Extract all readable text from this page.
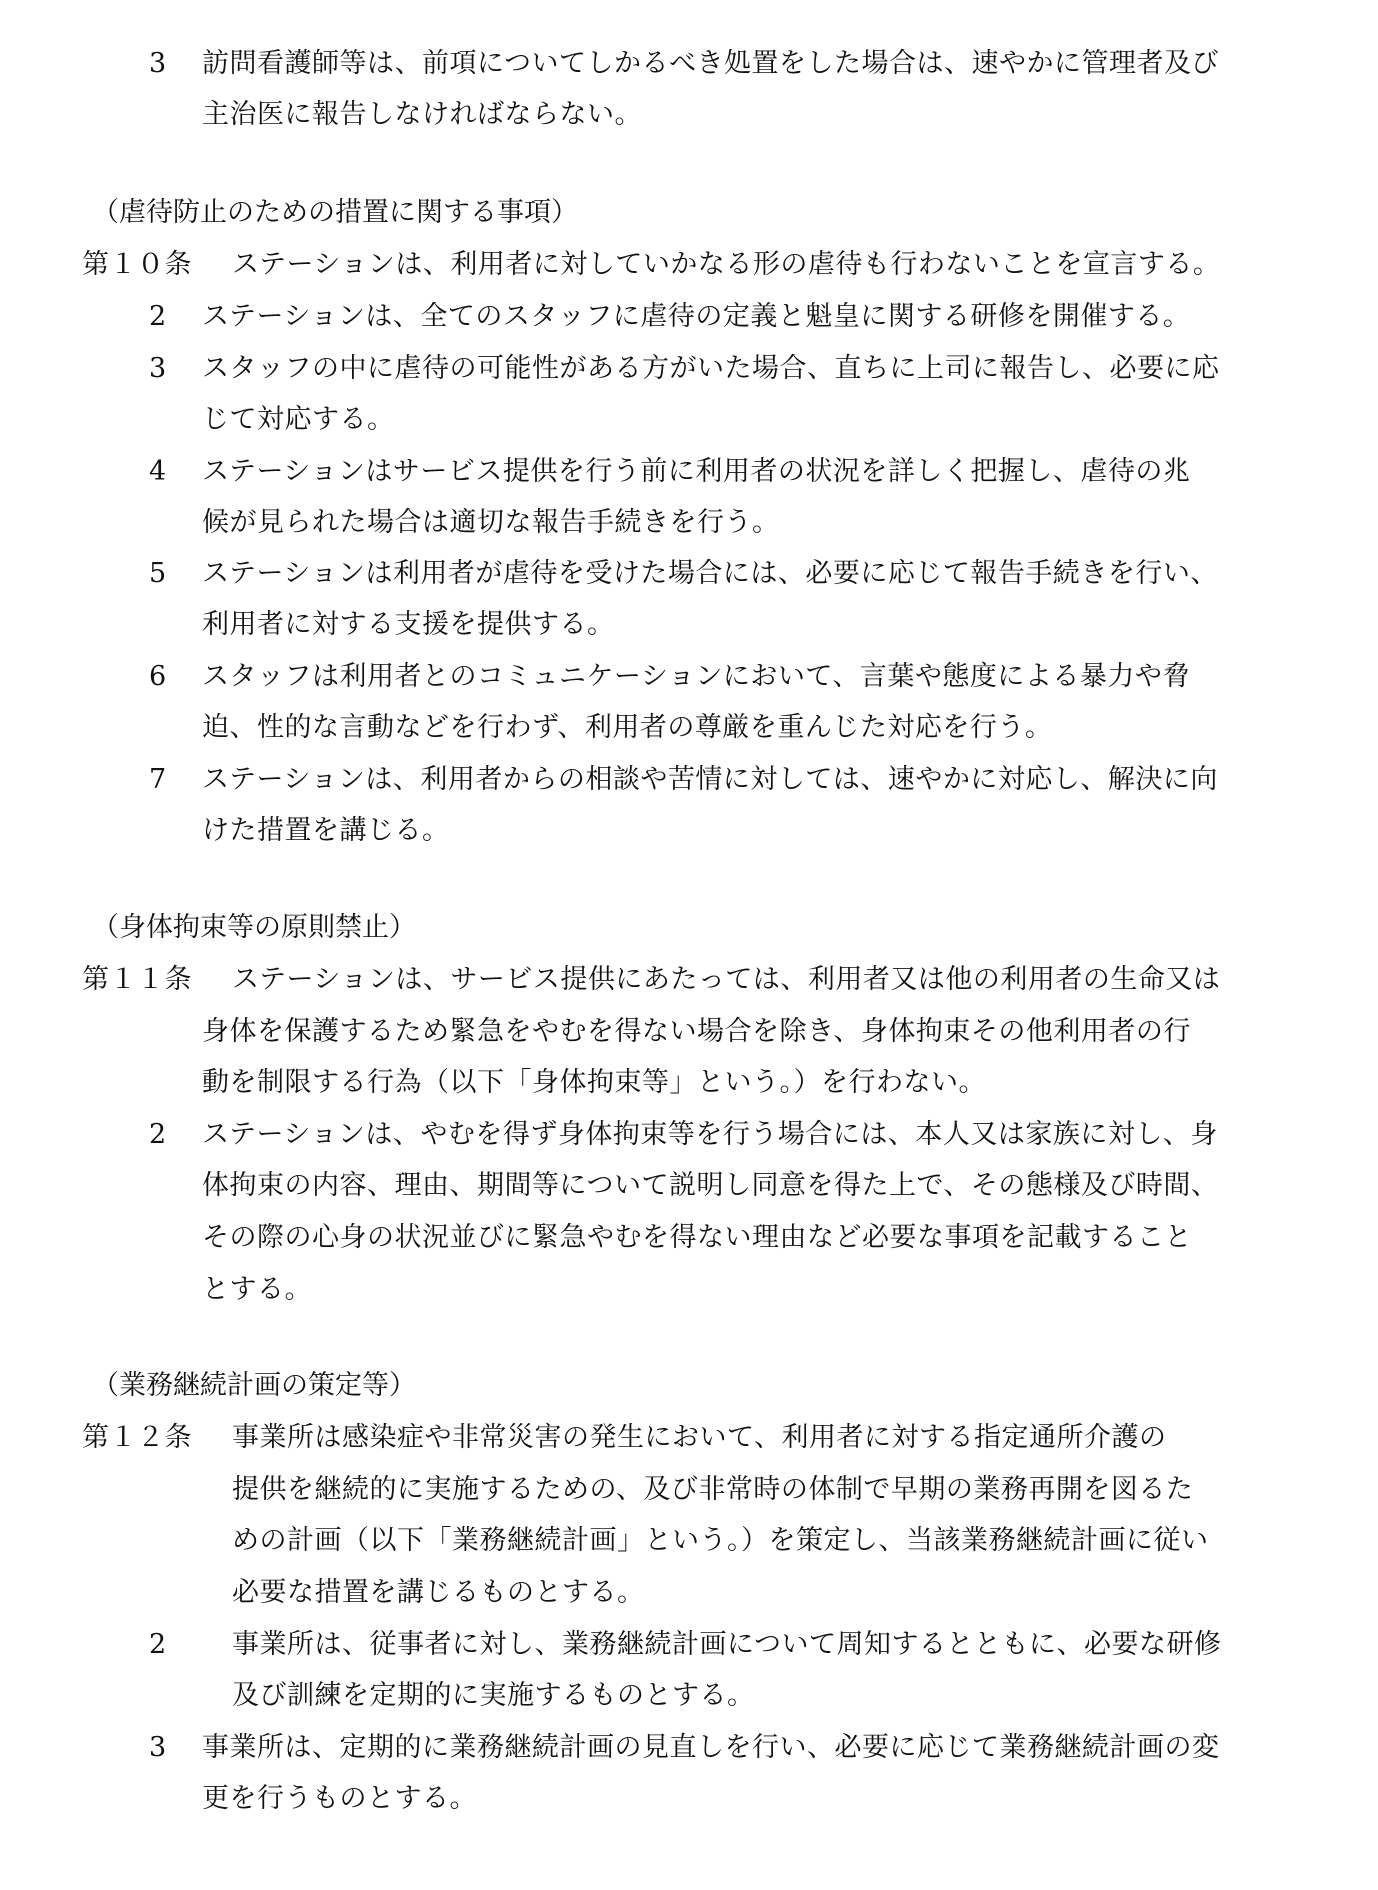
3 訪問看護師等は、前項についてしかるべき処置をした場合は、速やかに管理者及び
主治医に報告しなければならない。
（虐待防止のための措置に関する事項）
第１０条 ステーションは、利用者に対していかなる形の虐待も行わないことを宣言する。
2 ステーションは、全てのスタッフに虐待の定義と魁皇に関する研修を開催する。
3 スタッフの中に虐待の可能性がある方がいた場合、直ちに上司に報告し、必要に応
じて対応する。
4 ステーションはサービス提供を行う前に利用者の状況を詳しく把握し、虐待の兆
候が見られた場合は適切な報告手続きを行う。
5 ステーションは利用者が虐待を受けた場合には、必要に応じて報告手続きを行い、
利用者に対する支援を提供する。
6 スタッフは利用者とのコミュニケーションにおいて、言葉や態度による暴力や脅
迫、性的な言動などを行わず、利用者の尊厳を重んじた対応を行う。
7 ステーションは、利用者からの相談や苦情に対しては、速やかに対応し、解決に向
けた措置を講じる。
（身体拘束等の原則禁止）
第１１条 ステーションは、サービス提供にあたっては、利用者又は他の利用者の生命又は
身体を保護するため緊急をやむを得ない場合を除き、身体拘束その他利用者の行
動を制限する行為（以下「身体拘束等」という。）を行わない。
2 ステーションは、やむを得ず身体拘束等を行う場合には、本人又は家族に対し、身
体拘束の内容、理由、期間等について説明し同意を得た上で、その態様及び時間、
その際の心身の状況並びに緊急やむを得ない理由など必要な事項を記載すること
とする。
（業務継続計画の策定等）
第１２条 事業所は感染症や非常災害の発生において、利用者に対する指定通所介護の
提供を継続的に実施するための、及び非常時の体制で早期の業務再開を図るた
めの計画（以下「業務継続計画」という。）を策定し、当該業務継続計画に従い
必要な措置を講じるものとする。
2 事業所は、従事者に対し、業務継続計画について周知するとともに、必要な研修
及び訓練を定期的に実施するものとする。
3 事業所は、定期的に業務継続計画の見直しを行い、必要に応じて業務継続計画の変
更を行うものとする。
